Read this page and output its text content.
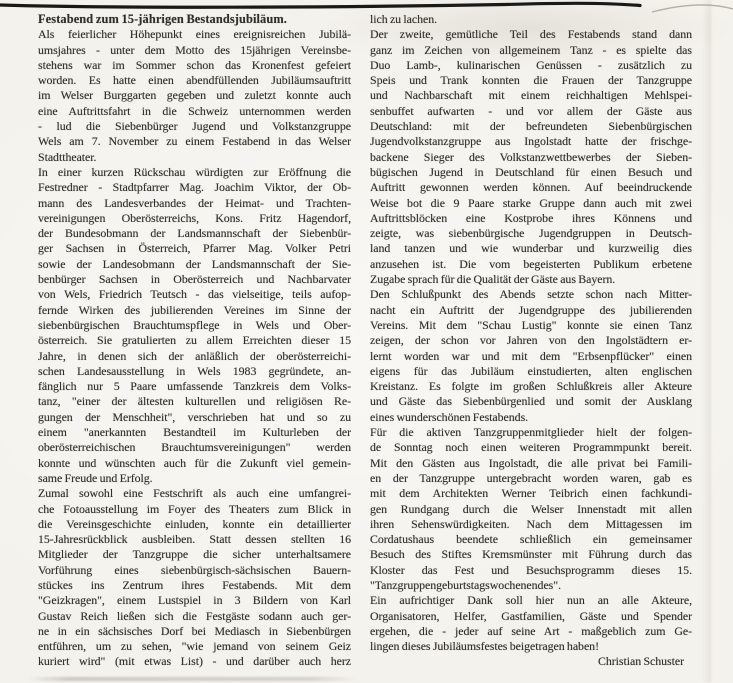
Festabend zum 15-jährigen Bestandsjubiläum.
Als feierlicher Höhepunkt eines ereignisreichen Jubilä-
umsjahres - unter dem Motto des 15jährigen Vereinsbe-
stehens war im Sommer schon das Kronenfest gefeiert
worden. Es hatte einen abendfüllenden Jubiläumsauftritt
im Welser Burggarten gegeben und zuletzt konnte auch
eine Auftrittsfahrt in die Schweiz unternommen werden
- lud die Siebenbürger Jugend und Volkstanzgruppe
Wels am 7. November zu einem Festabend in das Welser
Stadttheater.
In einer kurzen Rückschau würdigten zur Eröffnung die
Festredner - Stadtpfarrer Mag. Joachim Viktor, der Ob-
mann des Landesverbandes der Heimat- und Trachten-
vereinigungen Oberösterreichs, Kons. Fritz Hagendorf,
der Bundesobmann der Landsmannschaft der Siebenbür-
ger Sachsen in Österreich, Pfarrer Mag. Volker Petri
sowie der Landesobmann der Landsmannschaft der Sie-
benbürger Sachsen in Oberösterreich und Nachbarvater
von Wels, Friedrich Teutsch - das vielseitige, teils aufop-
fernde Wirken des jubilierenden Vereines im Sinne der
siebenbürgischen Brauchtumspflege in Wels und Ober-
österreich. Sie gratulierten zu allem Erreichten dieser 15
Jahre, in denen sich der anläßlich der oberösterreichi-
schen Landesausstellung in Wels 1983 gegründete, an-
fänglich nur 5 Paare umfassende Tanzkreis dem Volks-
tanz, "einer der ältesten kulturellen und religiösen Re-
gungen der Menschheit", verschrieben hat und so zu
einem "anerkannten Bestandteil im Kulturleben der
oberösterreichischen Brauchtumsvereinigungen" werden
konnte und wünschten auch für die Zukunft viel gemein-
same Freude und Erfolg.
Zumal sowohl eine Festschrift als auch eine umfangrei-
che Fotoausstellung im Foyer des Theaters zum Blick in
die Vereinsgeschichte einluden, konnte ein detaillierter
15-Jahresrückblick ausbleiben. Statt dessen stellten 16
Mitglieder der Tanzgruppe die sicher unterhaltsamere
Vorführung eines siebenbürgisch-sächsischen Bauern-
stückes ins Zentrum ihres Festabends. Mit dem
"Geizkragen", einem Lustspiel in 3 Bildern von Karl
Gustav Reich ließen sich die Festgäste sodann auch ger-
ne in ein sächsisches Dorf bei Mediasch in Siebenbürgen
entführen, um zu sehen, "wie jemand von seinem Geiz
kuriert wird" (mit etwas List) - und darüber auch herz
lich zu lachen.
Der zweite, gemütliche Teil des Festabends stand dann
ganz im Zeichen von allgemeinem Tanz - es spielte das
Duo Lamb-, kulinarischen Genüssen - zusätzlich zu
Speis und Trank konnten die Frauen der Tanzgruppe
und Nachbarschaft mit einem reichhaltigen Mehlspei-
senbuffet aufwarten - und vor allem der Gäste aus
Deutschland: mit der befreundeten Siebenbürgischen
Jugendvolkstanzgruppe aus Ingolstadt hatte der frischge-
backene Sieger des Volkstanzwettbewerbes der Sieben-
bügischen Jugend in Deutschland für einen Besuch und
Auftritt gewonnen werden können. Auf beeindruckende
Weise bot die 9 Paare starke Gruppe dann auch mit zwei
Auftrittsblöcken eine Kostprobe ihres Könnens und
zeigte, was siebenbürgische Jugendgruppen in Deutsch-
land tanzen und wie wunderbar und kurzweilig dies
anzusehen ist. Die vom begeisterten Publikum erbetene
Zugabe sprach für die Qualität der Gäste aus Bayern.
Den Schlußpunkt des Abends setzte schon nach Mitter-
nacht ein Auftritt der Jugendgruppe des jubilierenden
Vereins. Mit dem "Schau Lustig" konnte sie einen Tanz
zeigen, der schon vor Jahren von den Ingolstädtern er-
lernt worden war und mit dem "Erbsenpflücker" einen
eigens für das Jubiläum einstudierten, alten englischen
Kreistanz. Es folgte im großen Schlußkreis aller Akteure
und Gäste das Siebenbürgenlied und somit der Ausklang
eines wunderschönen Festabends.
Für die aktiven Tanzgruppenmitglieder hielt der folgen-
de Sonntag noch einen weiteren Programmpunkt bereit.
Mit den Gästen aus Ingolstadt, die alle privat bei Famili-
en der Tanzgruppe untergebracht worden waren, gab es
mit dem Architekten Werner Teibrich einen fachkundi-
gen Rundgang durch die Welser Innenstadt mit allen
ihren Sehenswürdigkeiten. Nach dem Mittagessen im
Cordatushaus beendete schließlich ein gemeinsamer
Besuch des Stiftes Kremsmünster mit Führung durch das
Kloster das Fest und Besuchsprogramm dieses 15.
"Tanzgruppengeburtstagswochenendes".
Ein aufrichtiger Dank soll hier nun an alle Akteure,
Organisatoren, Helfer, Gastfamilien, Gäste und Spender
ergehen, die - jeder auf seine Art - maßgeblich zum Ge-
lingen dieses Jubiläumsfestes beigetragen haben!
Christian Schuster
